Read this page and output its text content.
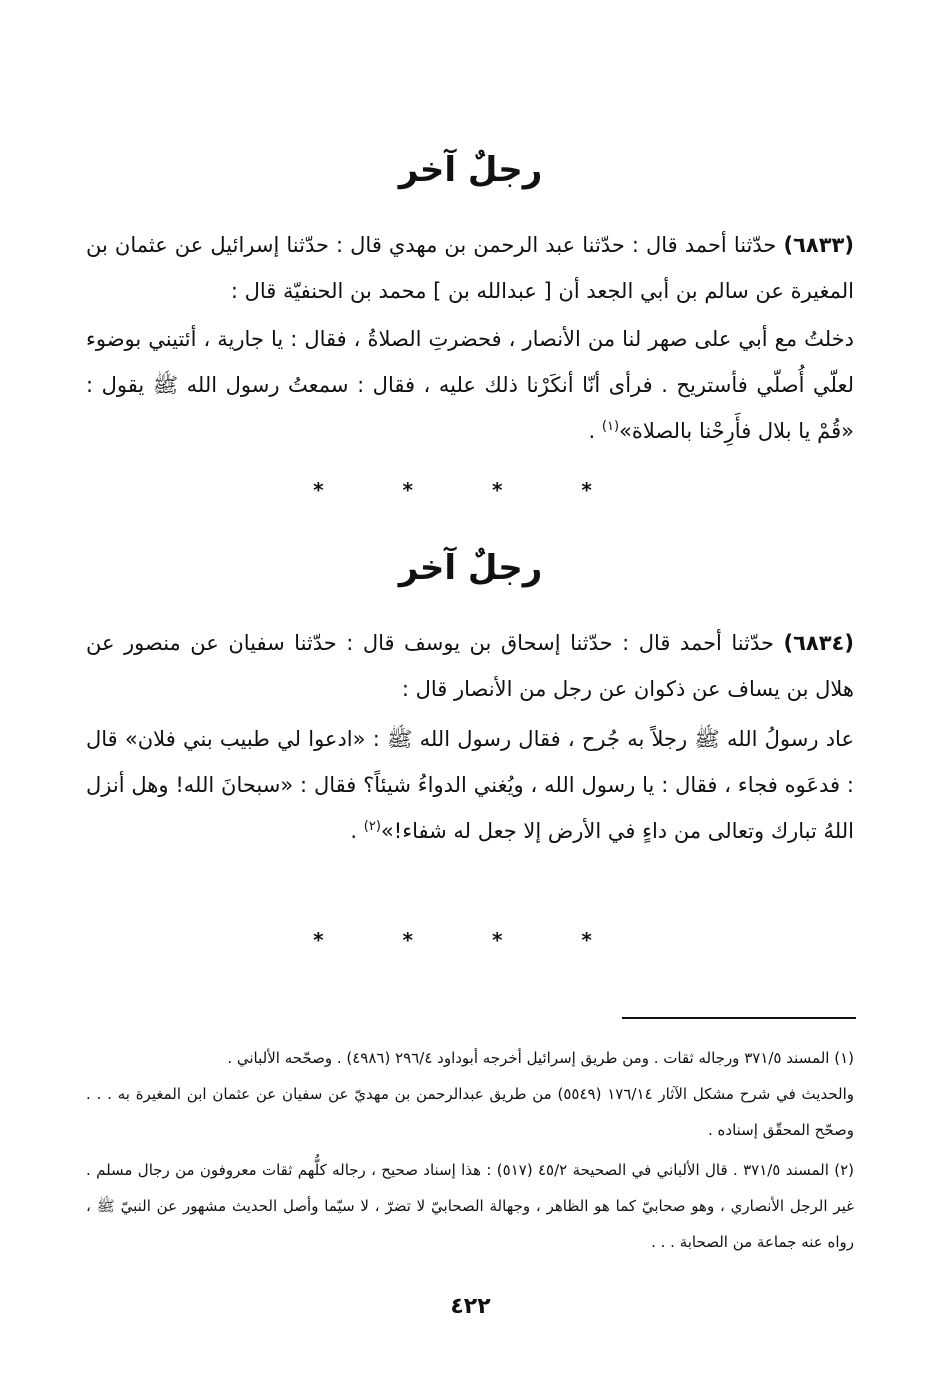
رجلٌ آخر
(٦٨٣٣) حدّثنا أحمد قال : حدّثنا عبد الرحمن بن مهدي قال : حدّثنا إسرائيل عن عثمان بن المغيرة عن سالم بن أبي الجعد أن [ عبدالله بن ] محمد بن الحنفيّة قال :
دخلتُ مع أبي على صهر لنا من الأنصار ، فحضرتِ الصلاةُ ، فقال : يا جارية ، أئتيني بوضوء لعلّي أُصلّي فأستريح . فرأى أنّا أنكَرْنا ذلك عليه ، فقال : سمعتُ رسول الله ﷺ يقول : «قُمْ يا بلال فأَرِحْنا بالصلاة»$^{(١)}$ .
* * * *
رجلٌ آخر
(٦٨٣٤) حدّثنا أحمد قال : حدّثنا إسحاق بن يوسف قال : حدّثنا سفيان عن منصور عن هلال بن يساف عن ذكوان عن رجل من الأنصار قال :
عاد رسولُ الله ﷺ رجلاً به جُرح ، فقال رسول الله ﷺ : «ادعوا لي طبيب بني فلان» قال : فدعَوه فجاء ، فقال : يا رسول الله ، ويُغني الدواءُ شيئاً؟ فقال : «سبحانَ الله! وهل أنزل اللهُ تبارك وتعالى من داءٍ في الأرض إلا جعل له شفاء!»$^{(٢)}$ .
* * * *
(١) المسند ٣٧١/٥ ورجاله ثقات . ومن طريق إسرائيل أخرجه أبوداود ٢٩٦/٤ (٤٩٨٦) . وصحّحه الألباني .
والحديث في شرح مشكل الآثار ١٧٦/١٤ (٥٥٤٩) من طريق عبدالرحمن بن مهديّ عن سفيان عن عثمان ابن المغيرة به . . . وصحّح المحقّق إسناده .
(٢) المسند ٣٧١/٥ . قال الألباني في الصحيحة ٤٥/٢ (٥١٧) : هذا إسناد صحيح ، رجاله كلُّهم ثقات معروفون من رجال مسلم . غير الرجل الأنصاري ، وهو صحابيّ كما هو الظاهر ، وجهالة الصحابيّ لا تضرّ ، لا سيّما وأصل الحديث مشهور عن النبيّ ﷺ ، رواه عنه جماعة من الصحابة . . .
٤٢٢
